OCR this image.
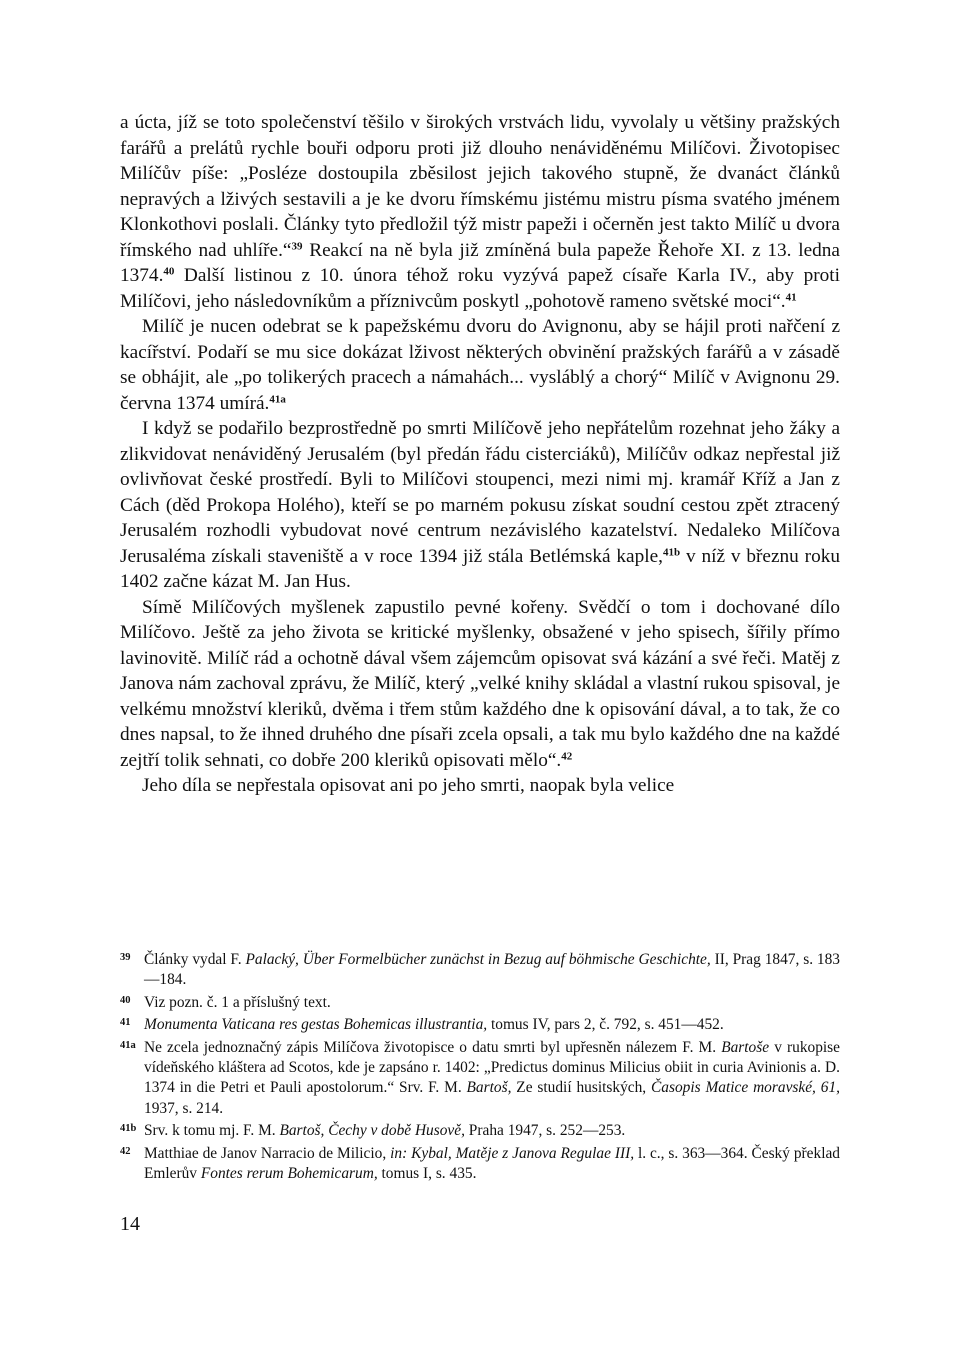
a úcta, jíž se toto společenství těšilo v širokých vrstvách lidu, vyvolaly u většiny pražských farářů a prelátů rychle bouři odporu proti již dlouho nenáviděnému Milíčovi. Životopisec Milíčův píše: „Posléze dostoupila zběsilost jejich takového stupně, že dvanáct článků nepravých a lživých sestavili a je ke dvoru římskému jistému mistru písma svatého jménem Klonkothovi poslali. Články tyto předložil týž mistr papeži i očerněn jest takto Milíč u dvora římského nad uhlíře.“$^{39}$ Reakcí na ně byla již zmíněná bula papeže Řehoře XI. z 13. ledna 1374.40 Další listinou z 10. února téhož roku vyzývá papež císaře Karla IV., aby proti Milíčovi, jeho následovníkům a příznivcům poskytl „pohotově rameno světské moci“.$^{41}$

Milíč je nucen odebrat se k papežskému dvoru do Avignonu, aby se hájil proti nařčení z kacířství. Podaří se mu sice dokázat lživost některých obvinění pražských farářů a v zásadě se obhájit, ale „po tolikerých pracech a námahách... vysláblý a chorý“ Milíč v Avignonu 29. června 1374 umírá.$^{41a}$

I když se podařilo bezprostředně po smrti Milíčově jeho nepřátelům rozehnat jeho žáky a zlikvidovat nenáviděný Jerusalém (byl předán řádu cisterciáků), Milíčův odkaz nepřestal již ovlivňovat české prostředí. Byli to Milíčovi stoupenci, mezi nimi mj. kramář Kříž a Jan z Cách (děd Prokopa Holého), kteří se po marném pokusu získat soudní cestou zpět ztracený Jerusalém rozhodli vybudovat nové centrum nezávislého kazatelství. Nedaleko Milíčova Jerusaléma získali staveniště a v roce 1394 již stála Betlémská kaple,$^{41b}$ v níž v březnu roku 1402 začne kázat M. Jan Hus.

Símě Milíčových myšlenek zapustilo pevné kořeny. Svědčí o tom i dochované dílo Milíčovo. Ještě za jeho života se kritické myšlenky, obsažené v jeho spisech, šířily přímo lavinovitě. Milíč rád a ochotně dával všem zájemcům opisovat svá kázání a své řeči. Matěj z Janova nám zachoval zprávu, že Milíč, který „velké knihy skládal a vlastní rukou spisoval, je velkému množství kleriků, dvěma i třem stům každého dne k opisování dával, a to tak, že co dnes napsal, to že ihned druhého dne písaři zcela opsali, a tak mu bylo každého dne na každé zejtří tolik sehnati, co dobře 200 kleriků opisovati mělo“.$^{42}$

Jeho díla se nepřestala opisovat ani po jeho smrti, naopak byla velice

39 Články vydal F. Palacký, Über Formelbücher zunächst in Bezug auf böhmische Geschichte, II, Prag 1847, s. 183—184.
40 Viz pozn. č. 1 a příslušný text.
41 Monumenta Vaticana res gestas Bohemicas illustrantia, tomus IV, pars 2, č. 792, s. 451—452.
41a Ne zcela jednoznačný zápis Milíčova životopisce o datu smrti byl upřesněn nálezem F. M. Bartoše v rukopise vídeňského kláštera ad Scotos, kde je zapsáno r. 1402: „Predictus dominus Milicius obiit in curia Avinionis a. D. 1374 in die Petri et Pauli apostolorum.“ Srv. F. M. Bartoš, Ze studií husitských, Časopis Matice moravské, 61, 1937, s. 214.
41b Srv. k tomu mj. F. M. Bartoš, Čechy v době Husově, Praha 1947, s. 252—253.
42 Matthiae de Janov Narracio de Milicio, in: Kybal, Matěje z Janova Regulae III, l. c., s. 363—364. Český překlad Emlerův Fontes rerum Bohemicarum, tomus I, s. 435.
14
